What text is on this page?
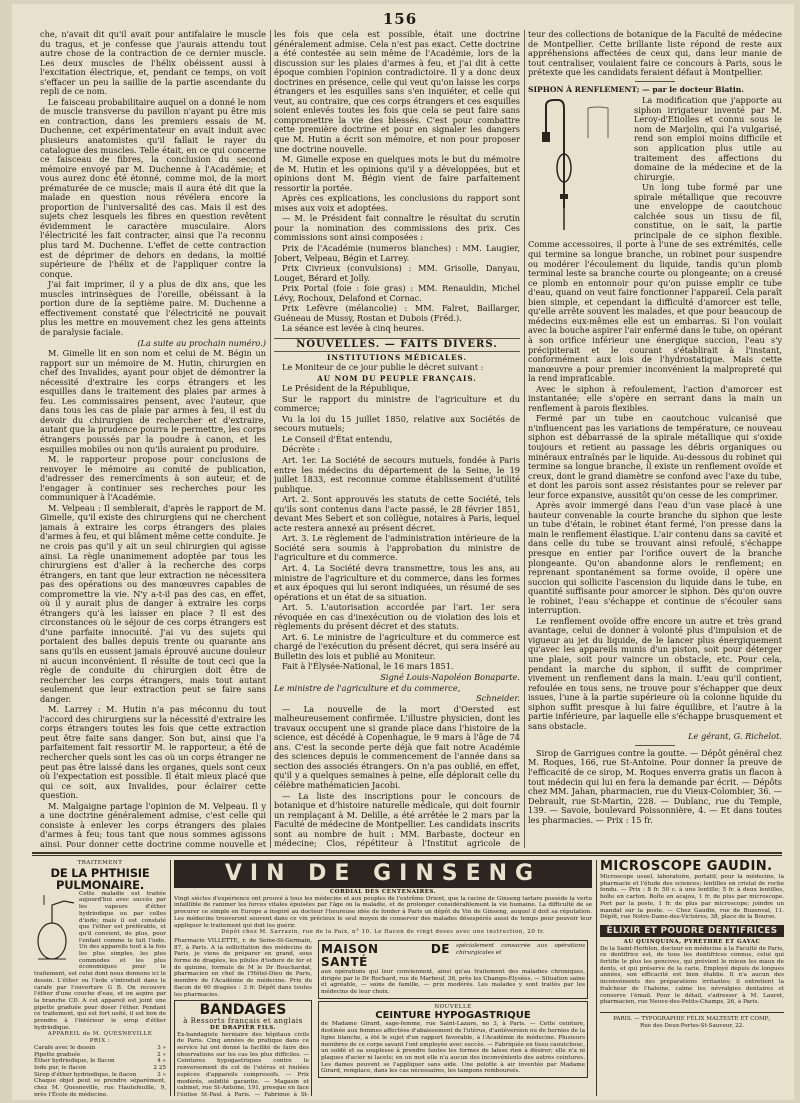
156

che, n'avait dit qu'il avait pour antifalaire le muscle du tragus, et je confesse que j'aurais attendu tout autre chose de la contraction de ce dernier muscle. Les deux muscles de l'hélix obéissent aussi à l'excitation électrique, et, pendant ce temps, on voit s'effacer un peu la saillie de la partie ascendante du repli de ce nom.

Le faisceau probabilitaire auquel on a donné le nom de muscle transverse du pavillon n'ayant pu être mis en contraction, dans les premiers essais de M. Duchenne, cet expérimentateur en avait induit avec plusieurs anatomistes qu'il fallait le rayer du catalogue des muscles. Telle était, en ce qui concerne ce faisceau de fibres, la conclusion du second mémoire envoyé par M. Duchenne à l'Académie; et vous aurez donc été étonné, comme moi, de la mort prématurée de ce muscle; mais il aura été dit que la malade en question nous révélera encore la proportion de l'universalité des cas. Mais il est des sujets chez lesquels les fibres en question revêtent évidemment le caractère musculaire. Alors l'électricité les fait contracter, ainsi que l'a reconnu plus tard M. Duchenne. L'effet de cette contraction est de déprimer de dehors en dedans, la moitié supérieure de l'hélix et de l'appliquer contre la conque.

J'ai fait imprimer, il y a plus de dix ans, que les muscles intrinsèques de l'oreille, obéissant à la portion dure de la septième paire. M. Duchenne a effectivement constaté que l'électricité ne pouvait plus les mettre en mouvement chez les gens atteints de paralysie faciale.

(La suite au prochain numéro.)

M. Gimelle lit en son nom et celui de M. Bégin un rapport sur un mémoire de M. Hutin, chirurgien en chef des Invalides, ayant pour objet de démontrer la nécessité d'extraire les corps étrangers et les esquilles dans le traitement des plaies par armes à feu. Les commissaires pensent, avec l'auteur, que dans tous les cas de plaie par armes à feu, il est du devoir du chirurgien de rechercher et d'extraire, autant que la prudence pourra le permettre, les corps étrangers poussés par la poudre à canon, et les esquilles mobiles ou non qu'ils auraient pu produire.

M. le rapporteur propose pour conclusions de renvoyer le mémoire au comité de publication, d'adresser des remercîments à son auteur, et de l'engager à continuer ses recherches pour les communiquer à l'Académie.

M. Velpeau : Il semblerait, d'après le rapport de M. Gimelle, qu'il existe des chirurgiens qui ne cherchent jamais à extraire les corps étrangers des plaies d'armes à feu, et qui blâment même cette conduite. Je ne crois pas qu'il y ait un seul chirurgien qui agisse ainsi. La règle unanimement adoptée par tous les chirurgiens est d'aller à la recherche des corps étrangers, en tant que leur extraction ne nécessitera pas des opérations ou des manœuvres capables de compromettre la vie. N'y a-t-il pas des cas, en effet, où il y aurait plus de danger à extraire les corps étrangers qu'à les laisser en place ? Il est des circonstances où le séjour de ces corps étrangers est d'une parfaite innocuité. J'ai vu des sujets qui portaient des balles depuis trente ou quarante ans sans qu'ils en eussent jamais éprouvé aucune douleur ni aucun inconvénient. Il résulte de tout ceci que la règle de conduite du chirurgien doit être de rechercher les corps étrangers, mais tout autant seulement que leur extraction peut se faire sans danger.

M. Larrey : M. Hutin n'a pas méconnu du tout l'accord des chirurgiens sur la nécessité d'extraire les corps étrangers toutes les fois que cette extraction peut être faite sans danger. Son but, ainsi que l'a parfaitement fait ressortir M. le rapporteur, a été de rechercher quels sont les cas où un corps étranger ne peut pas être laissé dans les organes, quels sont ceux où l'expectation est possible. Il était mieux placé que qui ce soit, aux Invalides, pour éclairer cette question.

M. Malgaigne partage l'opinion de M. Velpeau. Il y a une doctrine généralement admise, c'est celle qui consiste à enlever les corps étrangers des plaies d'armes à feu; tous tant que nous sommes agissons ainsi. Pour donner cette doctrine comme nouvelle et

les fois que cela est possible, était une doctrine généralement admise. Cela n'est pas exact. Cette doctrine a été contestée au sein même de l'Académie, lors de la discussion sur les plaies d'armes à feu, et j'ai dit à cette époque combien l'opinion contradictoire. Il y a donc deux doctrines en présence, celle qui veut qu'on laisse les corps étrangers et les esquilles sans s'en inquiéter, et celle qui veut, au contraire, que ces corps étrangers et ces esquilles soient enlevés toutes les fois que cela se peut faire sans compromettre la vie des blessés. C'est pour combattre cette première doctrine et pour en signaler les dangers que M. Hutin a écrit son mémoire, et non pour proposer une doctrine nouvelle.

M. Gimelle expose en quelques mots le but du mémoire de M. Hutin et les opinions qu'il y a développées, but et opinions dont M. Bégin vient de faire parfaitement ressortir la portée.

Après ces explications, les conclusions du rapport sont mises aux voix et adoptées.

— M. le Président fait connaître le résultat du scrutin pour la nomination des commissions des prix. Ces commissions sont ainsi composées :

Prix de l'Académie (numeros blanches) : MM. Laugier, Jobert, Velpeau, Bégin et Larrey.

Prix Civrieux (convulsions) : MM. Grisolle, Danyau, Louget, Bérard et Jolly.

Prix Portal (foie : foie gras) : MM. Renauldin, Michel Lévy, Rochoux, Delafond et Cornac.

Prix Lefèvre (mélancolie) : MM. Falret, Baillarger, Guéneau de Mussy, Rostan et Dubois (Fréd.).

La séance est levée à cinq heures.

NOUVELLES. — FAITS DIVERS.
INSTITUTIONS MÉDICALES.

Le Moniteur de ce jour publie le décret suivant :

AU NOM DU PEUPLE FRANÇAIS.

Le Président de la République,

Sur le rapport du ministre de l'agriculture et du commerce;

Vu la loi du 15 juillet 1850, relative aux Sociétés de secours mutuels;

Le Conseil d'État entendu,

Décrète :

Art. 1er. La Société de secours mutuels, fondée à Paris entre les médecins du département de la Seine, le 19 juillet 1833, est reconnue comme établissement d'utilité publique.

Art. 2. Sont approuvés les statuts de cette Société, tels qu'ils sont contenus dans l'acte passé, le 28 février 1851, devant Mes Sebert et son collègue, notaires à Paris, lequel acte restera annexé au présent décret.

Art. 3. Le règlement de l'administration intérieure de la Société sera soumis à l'approbation du ministre de l'agriculture et du commerce.

Art. 4. La Société devra transmettre, tous les ans, au ministre de l'agriculture et du commerce, dans les formes et aux époques qui lui seront indiquées, un résumé de ses opérations et un état de sa situation.

Art. 5. L'autorisation accordée par l'art. 1er sera révoquée en cas d'inexécution ou de violation des lois et règlements du présent décret et des statuts.

Art. 6. Le ministre de l'agriculture et du commerce est chargé de l'exécution du présent décret, qui sera inséré au Bulletin des lois et publié au Moniteur.

Fait à l'Élysée-National, le 16 mars 1851.

Signé Louis-Napoléon Bonaparte.

Le ministre de l'agriculture et du commerce,

Schneider.

— La nouvelle de la mort d'Oersted est malheureusement confirmée. L'illustre physicien, dont les travaux occupent une si grande place dans l'histoire de la science, est décédé à Copenhague, le 9 mars à l'âge de 74 ans. C'est la seconde perte déjà que fait notre Académie des sciences depuis le commencement de l'année dans sa section des associés étrangers. On n'a pas oublié, en effet, qu'il y a quelques semaines à peine, elle déplorait celle du célèbre mathématicien Jacobi.

— La liste des inscriptions pour le concours de botanique et d'histoire naturelle médicale, qui doit fournir un remplaçant à M. Delille, a été arrêtée le 2 mars par la Faculté de médecine de Montpellier. Les candidats inscrits sont au nombre de huit : MM. Barbaste, docteur en médecine; Clos, répétiteur à l'Institut agricole de

teur des collections de botanique de la Faculté de médecine de Montpellier. Cette brillante liste répond de reste aux appréhensions affectées de ceux qui, dans leur manie de tout centraliser, voulaient faire ce concours à Paris, sous le prétexte que les candidats feraient défaut à Montpellier.

SIPHON À RENFLEMENT; — par le docteur Blatin.

La modification que j'apporte au siphon irrigateur inventé par M. Leroy-d'Etiolles et connu sous le nom de Marjolin, qui l'a vulgarisé, rend son emploi moins difficile et son application plus utile au traitement des affections du domaine de la médecine et de la chirurgie.

Un long tube formé par une spirale métallique que recouvre une enveloppe de caoutchouc calchée sous un tissu de fil, constitue, on le sait, la partie principale de ce siphon flexible. Comme accessoires, il porte à l'une de ses extrémités, celle qui termine sa longue branche, un robinet pour suspendre ou modérer l'écoulement du liquide, tandis qu'un plomb terminal leste sa branche courte ou plongeante; on a creusé ce plomb en entonnoir pour qu'on puisse emplir ce tube d'eau, quand on veut faire fonctionner l'appareil. Cela paraît bien simple, et cependant la difficulté d'amorcer est telle, qu'elle arrête souvent les malades, et que pour beaucoup de médecins eux-mêmes elle est un embarras. Si l'on voulait avec la bouche aspirer l'air enfermé dans le tube, on opérant à son orifice inférieur une énergique succion, l'eau s'y précipiterait et le courant s'établirait à l'instant, conformément aux lois de l'hydrostatique. Mais cette manœuvre a pour premier inconvénient la malpropreté qui la rend impraticable.

Avec le siphon à refoulement, l'action d'amorcer est instantanée; elle s'opère en serrant dans la main un renflement à parois flexibles.

Fermé par un tube en caoutchouc vulcanisé que n'influencent pas les variations de température, ce nouveau siphon est débarrassé de la spirale métallique qui s'oxide toujours et retient au passage les débris organiques ou minéraux entraînés par le liquide. Au-dessous du robinet qui termine sa longue branche, il existe un renflement ovoïde et creux, dont le grand diamètre se confond avec l'axe du tube, et dont les parois sont assez résistantes pour se relever par leur force expansive, aussitôt qu'on cesse de les comprimer.

Après avoir immergé dans l'eau d'un vase placé à une hauteur convenable la courte branche du siphon que leste un tube d'étain, le robinet étant fermé, l'on presse dans la main le renflement élastique. L'air contenu dans sa cavité et dans celle du tube se trouvant ainsi refoulé, s'échappe presque en entier par l'orifice ouvert de la branche plongeante. Qu'on abandonne alors le renflement; en reprenant spontanément sa forme ovoïde, il opère une succion qui sollicite l'ascension du liquide dans le tube, en quantité suffisante pour amorcer le siphon. Dès qu'on ouvre le robinet, l'eau s'échappe et continue de s'écouler sans interruption.

Le renflement ovoïde offre encore un autre et très grand avantage, celui de donner à volonté plus d'impulsion et de vigueur au jet du liquide, de le lancer plus énergiquement qu'avec les appareils munis d'un piston, soit pour déterger une plaie, soit pour vaincre un obstacle, etc. Pour cela, pendant la marche du siphon, il suffit de comprimer vivement un renflement dans la main. L'eau qu'il contient, refoulée en tous sens, ne trouve pour s'échapper que deux issues, l'une à la partie supérieure où la colonne liquide du siphon suffit presque à lui faire équilibre, et l'autre à la partie inférieure, par laquelle elle s'échappe brusquement et sans obstacle.

Le gérant, G. Richelot.

Sirop de Garrigues contre la goutte. — Dépôt général chez M. Roques, 166, rue St-Antoine. Pour donner la preuve de l'efficacité de ce sirop, M. Roques enverra gratis un flacon à tout médecin qui lui en fera la demande par écrit. — Dépôts chez MM. Jahan, pharmacien, rue du Vieux-Colombier, 36. — Debrault, rue St-Martin, 228. — Dublanc, rue du Temple, 139. — Savoie, boulevard Poissonnière, 4. — Et dans toutes les pharmacies. — Prix : 15 fr.

TRAITEMENT
DE LA PHTHISIE PULMONAIRE.
Cette maladie est traitée aujourd'hui avec succès par les vapeurs d'éther hydriodique ou par celles d'iode; mais il est constaté que l'éther est préférable, et qu'il convient, de plus, pour l'enfant comme le fait l'iode. Un des appareils tout à la fois les plus simples, les plus commodes et les plus économiques pour le traitement, est celui dont nous donnons ici le dessin. L'éther ou l'iode s'introduit dans le carafe par l'ouverture G B. On recouvre l'éther d'une couche d'eau, et on aspire par la branche CD. A cet appareil est joint une pipette graduée pour doser l'éther. Pendant ce traitement, qui est fort usité, il est bon de prendre à l'intérieur le sirop d'éther hydriodique.
APPAREIL de M. QUESNEVILLE
PRIX :
Carafe avec le dessin	3 »
Pipette graduée	2 »
Éther hydriodique, le flacon	4 »
Iode pur, le flacon	2 25
Sirop d'éther hydriodique, le flacon	3 »
Chaque objet peut se prendre séparément, chez M. Quesneville, rue Hautefeuille, 9, près l'École de médecine.
VIN DE GINSENG
CORDIAL DES CENTENAIRES.
Vingt siècles d'expérience ont prouvé à tous les médecins et aux peuples de l'extrême Orient, que la racine de Ginseng tartare possède la vertu infaillible de ranimer les forces vitales épuisées par l'âge ou la maladie, et de prolonger considérablement la vie humaine. La difficulté de se procurer ce simple en Europe a inspiré au docteur l'heureuse idée de fonder à Paris un dépôt du Vin de Ginseng, auquel il doit sa réputation. Les médecins trouveront souvent dans ce vin précieux le seul moyen de conserver des malades désespérés aussi de temps pour pouvoir leur appliquer le traitement qui doit les guérir.
Dépôt chez M. Sarrazin, rue de la Paix, n° 10. Le flacon de vingt doses avec une instruction, 20 fr.
Pharmacie VILLETTE, r. de Seine-St-Germain, 87, à Paris. A la sollicitation des médecins de Paris, je viens de préparer en grand, sous forme de dragées, les pilules d'iodure de fer et de quinine, formule de M le Dr Bouchardat, pharmacien en chef de l'Hôtel-Dieu de Paris, membre de l'Académie de médecine. Prix du flacon de 60 dragées : 3 fr. Dépôt dans toutes les pharmacies.
BANDAGES
à Ressorts français et anglais
DE DRAPIER FILS.
Ex-bandagiste herniaire des hôpitaux civils de Paris. Cinq années de pratique dans ce service lui ont donné la facilité de faire des observations sur les cas les plus difficiles. — Ceintures hypogastriques contre le renversement du col de l'utérus et foulées espèces d'appareils compressifs. — Prix modérés, solidité garantie. — Magasin et cabinet, rue St-Antoine, 191, presque en face l'église St-Paul, à Paris. — Fabrique à St-
MAISON DE SANTÉ
spécialement consacrée aux opérations chirurgicales et
aux opérations qui leur conviennent, ainsi qu'au traitement des maladies chroniques, dirigée par le Dr Rochard, rue de Marbeuf, 36, près les Champs-Élysées. — Situation saine et agréable, — soins de famille, — prix modérés. Les malades y sont traités par les médecins de leur choix.
NOUVELLE
CEINTURE HYPOGASTRIQUE
de Madame Girard, sage-femme, rue Saint-Lazare, no 3, à Paris. — Cette ceinture, destinée aux femmes affectées d'abaissement de l'utérus, d'antéversion ou de hernies de la ligne blanche, a été le sujet d'un rapport favorable, à l'Académie de médecine. Plusieurs membres de ce corps savant l'ont employée avec succès. — Fabriquée en tissu caoutchouc, un soldé et sa souplesse à prendre toutes les formes de laisse rien à désirer; elle n'a ni plaques d'acier ni lacets; en un mot elle n'a aucun des inconvénients des autres ceintures. Les dames peuvent se l'appliquer sans aide. Une pelotte à air inventée par Madame Girard, remplace, dans les cas nécessaires, les tampons remboursés.
MICROSCOPE GAUDIN.
Microscope usuel, laboratoire, portatif, pour la médecine, la pharmacie et l'étude des sciences; lentilles en cristal de roche fondu. — Prix : 8 fr. 50 c. à une lentille; 5 fr. à deux lentilles, boîte en carton. Boîte en acajou, 1 fr. de plus par microscope. Port par la poste, 1 fr. de plus par microscope; joindre un mandat sur la poste. — Chez Gaudin, rue de Buzenval, 11. Dépôt, rue Notre-Dame-des-Victoires, 38, place de la Bourse.
ÉLIXIR ET POUDRE DENTIFRICES
AU QUINQUINA, PYRÈTHRE ET GAYAC
De la Saint-Herblon, docteur en médecine à la Faculté de Paris, ce dentifrice est, de tous les dentifrices connus, celui qui fortifie le plus les gencives, qui prévient le mieux les maux de dents, et qui préserve de la carie. Employé depuis de longues années, son efficacité est bien établie. Il n'a aucun des inconvénients des préparations irritantes; il entretient la fraîcheur de l'haleine, calme les névralgies dentaires et conserve l'émail. Pour le détail, s'adresser à M. Lauret, pharmacien, rue Neuve-des-Petits-Champs, 26, à Paris.
PARIS. — TYPOGRAPHIE FÉLIX MALTESTE ET COMP.,
Rue des Deux-Portes-St-Sauveur, 22.
